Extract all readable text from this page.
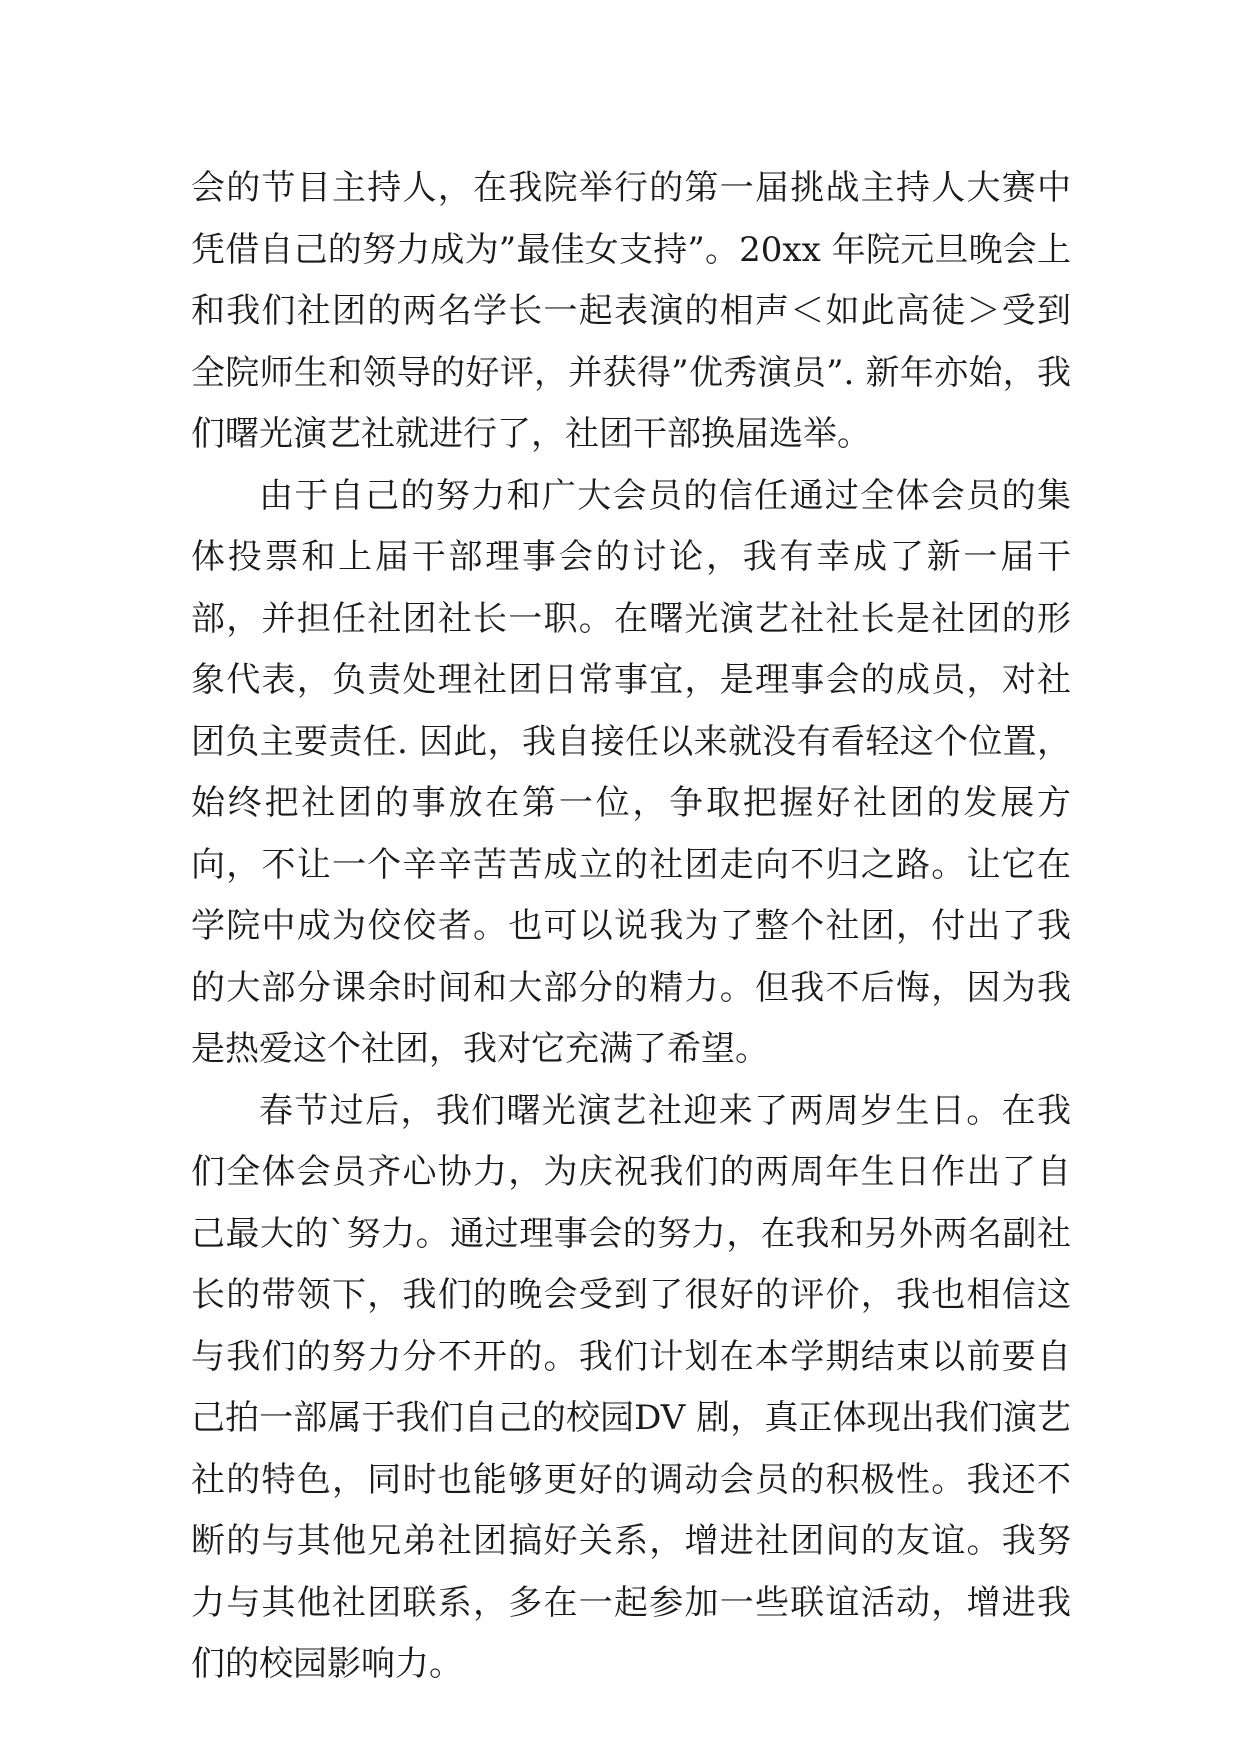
会的节目主持人，在我院举行的第一届挑战主持人大赛中凭借自己的努力成为”最佳女支持”。20xx 年院元旦晚会上和我们社团的两名学长一起表演的相声＜如此高徒＞受到全院师生和领导的好评，并获得”优秀演员”. 新年亦始，我们曙光演艺社就进行了，社团干部换届选举。

由于自己的努力和广大会员的信任通过全体会员的集体投票和上届干部理事会的讨论，我有幸成了新一届干部，并担任社团社长一职。在曙光演艺社社长是社团的形象代表，负责处理社团日常事宜，是理事会的成员，对社团负主要责任. 因此，我自接任以来就没有看轻这个位置，始终把社团的事放在第一位，争取把握好社团的发展方向，不让一个辛辛苦苦成立的社团走向不归之路。让它在学院中成为佼佼者。也可以说我为了整个社团，付出了我的大部分课余时间和大部分的精力。但我不后悔，因为我是热爱这个社团，我对它充满了希望。

春节过后，我们曙光演艺社迎来了两周岁生日。在我们全体会员齐心协力，为庆祝我们的两周年生日作出了自己最大的`努力。通过理事会的努力，在我和另外两名副社长的带领下，我们的晚会受到了很好的评价，我也相信这与我们的努力分不开的。我们计划在本学期结束以前要自己拍一部属于我们自己的校园DV 剧，真正体现出我们演艺社的特色，同时也能够更好的调动会员的积极性。我还不断的与其他兄弟社团搞好关系，增进社团间的友谊。我努力与其他社团联系，多在一起参加一些联谊活动，增进我们的校园影响力。
